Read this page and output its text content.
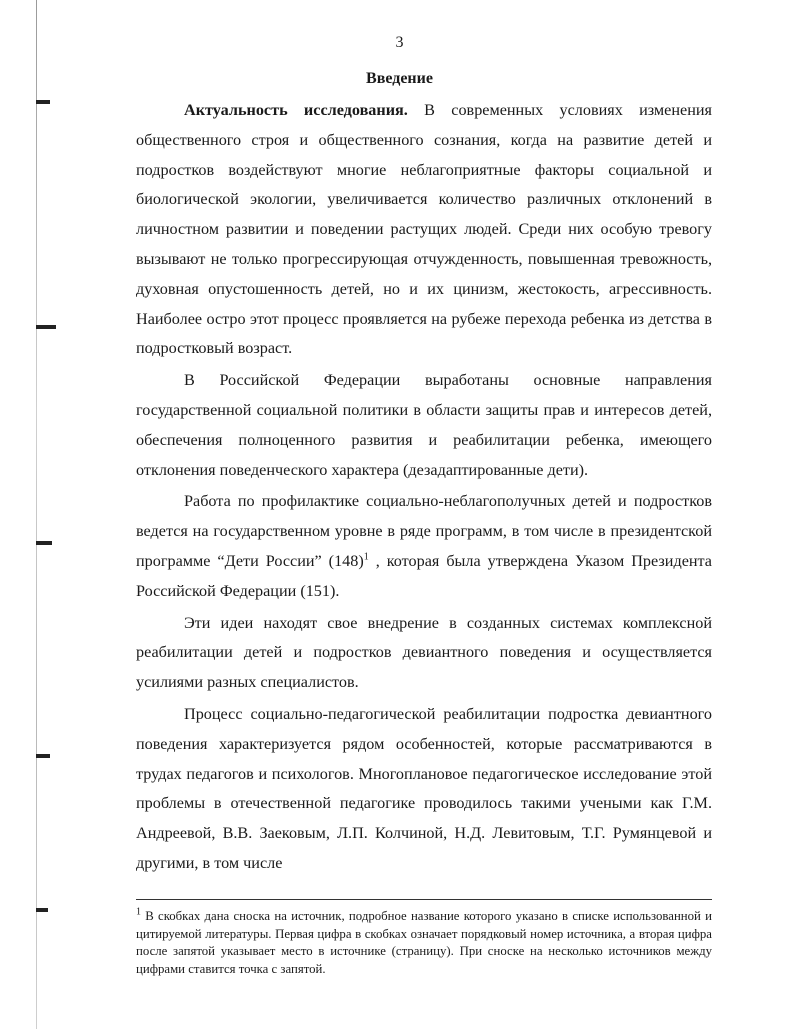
3
Введение

Актуальность исследования. В современных условиях изменения общественного строя и общественного сознания, когда на развитие детей и подростков воздействуют многие неблагоприятные факторы социальной и биологической экологии, увеличивается количество различных отклонений в личностном развитии и поведении растущих людей. Среди них особую тревогу вызывают не только прогрессирующая отчужденность, повышенная тревожность, духовная опустошенность детей, но и их цинизм, жестокость, агрессивность. Наиболее остро этот процесс проявляется на рубеже перехода ребенка из детства в подростковый возраст.

В Российской Федерации выработаны основные направления государственной социальной политики в области защиты прав и интересов детей, обеспечения полноценного развития и реабилитации ребенка, имеющего отклонения поведенческого характера (дезадаптированные дети).

Работа по профилактике социально-неблагополучных детей и подростков ведется на государственном уровне в ряде программ, в том числе в президентской программе “Дети России” $(148)^1$ , которая была утверждена Указом Президента Российской Федерации (151).

Эти идеи находят свое внедрение в созданных системах комплексной реабилитации детей и подростков девиантного поведения и осуществляется усилиями разных специалистов.

Процесс социально-педагогической реабилитации подростка девиантного поведения характеризуется рядом особенностей, которые рассматриваются в трудах педагогов и психологов. Многоплановое педагогическое исследование этой проблемы в отечественной педагогике проводилось такими учеными как Г.М. Андреевой, В.В. Заековым, Л.П. Колчиной, Н.Д. Левитовым, Т.Г. Румянцевой и другими, в том числе

$^1$ В скобках дана сноска на источник, подробное название которого указано в списке использованной и цитируемой литературы. Первая цифра в скобках означает порядковый номер источника, а вторая цифра после запятой указывает место в источнике (страницу). При сноске на несколько источников между цифрами ставится точка с запятой.
